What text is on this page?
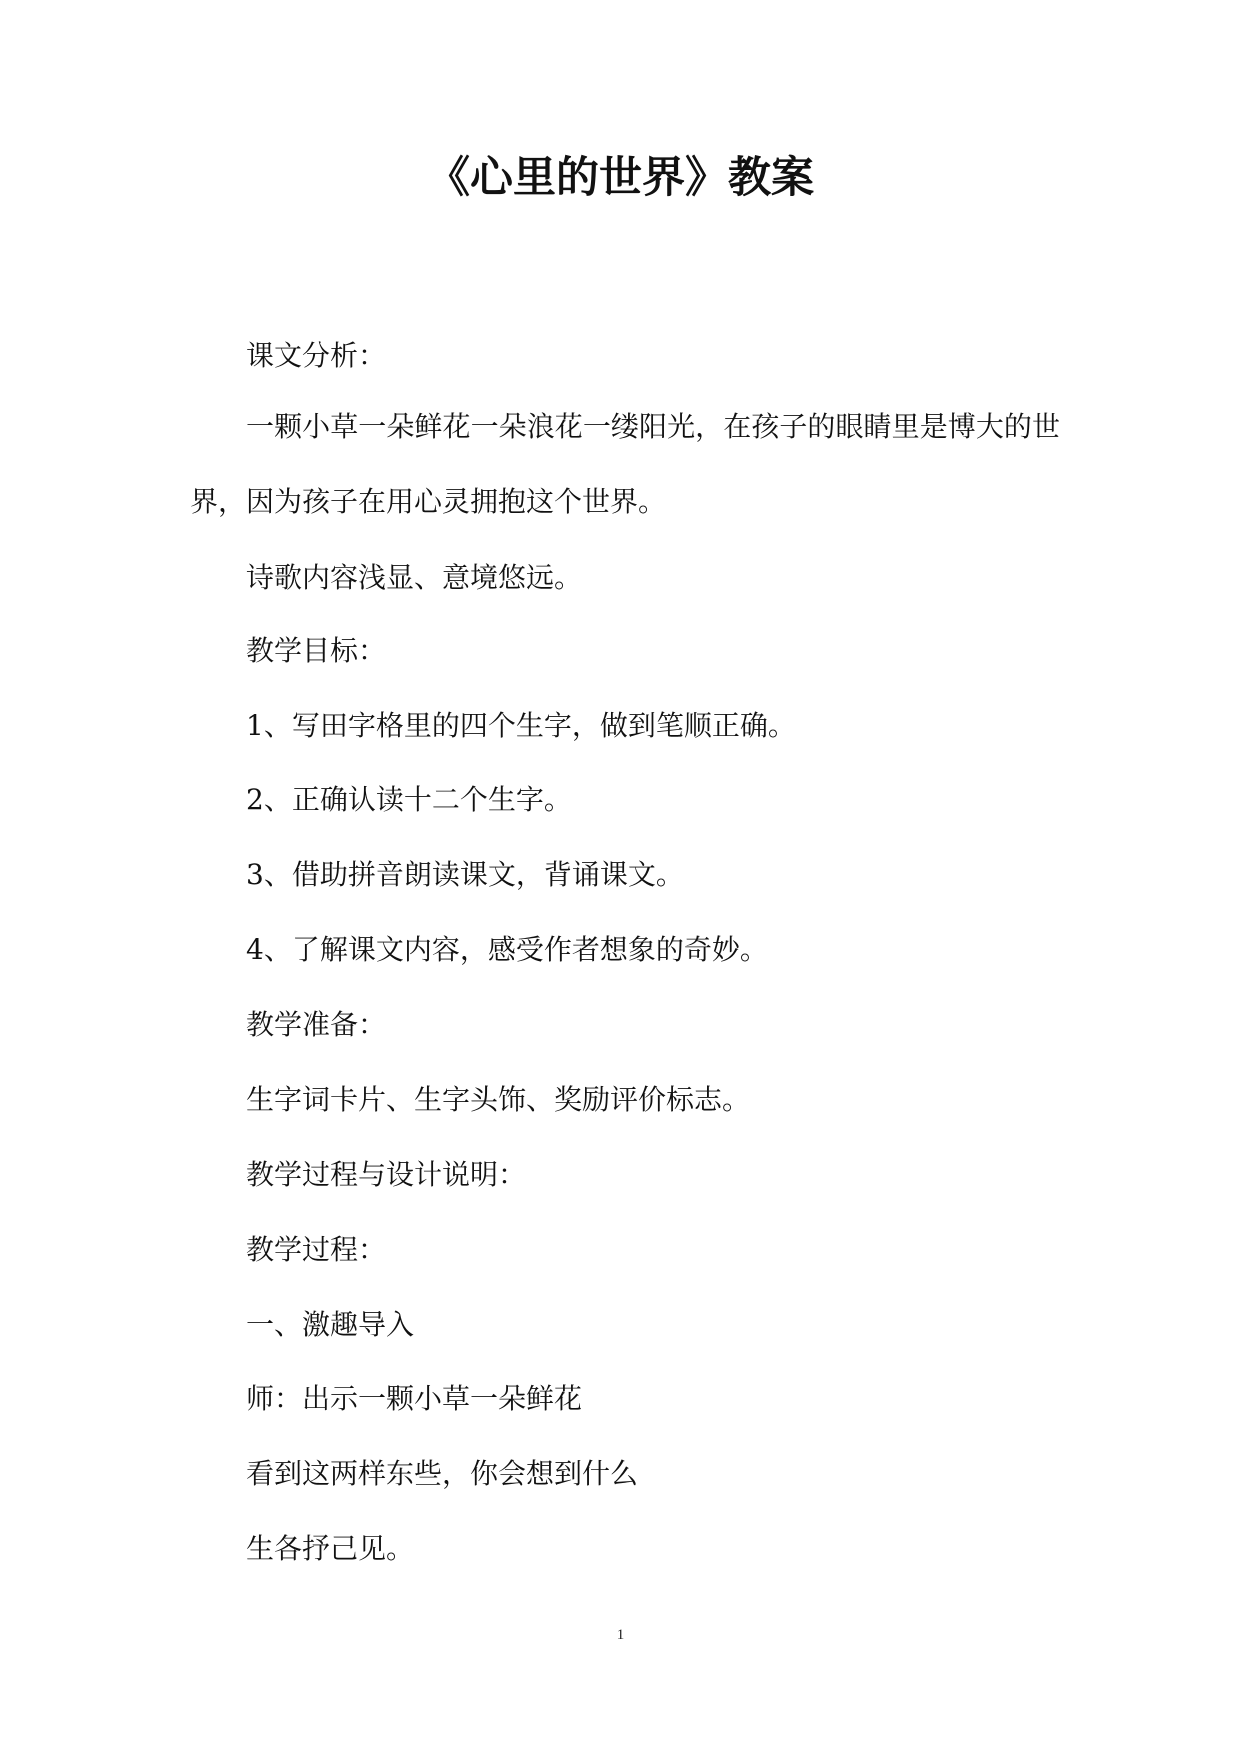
《心里的世界》教案

课文分析：

一颗小草一朵鲜花一朵浪花一缕阳光，在孩子的眼睛里是博大的世界，因为孩子在用心灵拥抱这个世界。

诗歌内容浅显、意境悠远。

教学目标：

1、写田字格里的四个生字，做到笔顺正确。

2、正确认读十二个生字。

3、借助拼音朗读课文，背诵课文。

4、了解课文内容，感受作者想象的奇妙。

教学准备：

生字词卡片、生字头饰、奖励评价标志。

教学过程与设计说明：

教学过程：

一、激趣导入

师：出示一颗小草一朵鲜花

看到这两样东些，你会想到什么

生各抒己见。

1
